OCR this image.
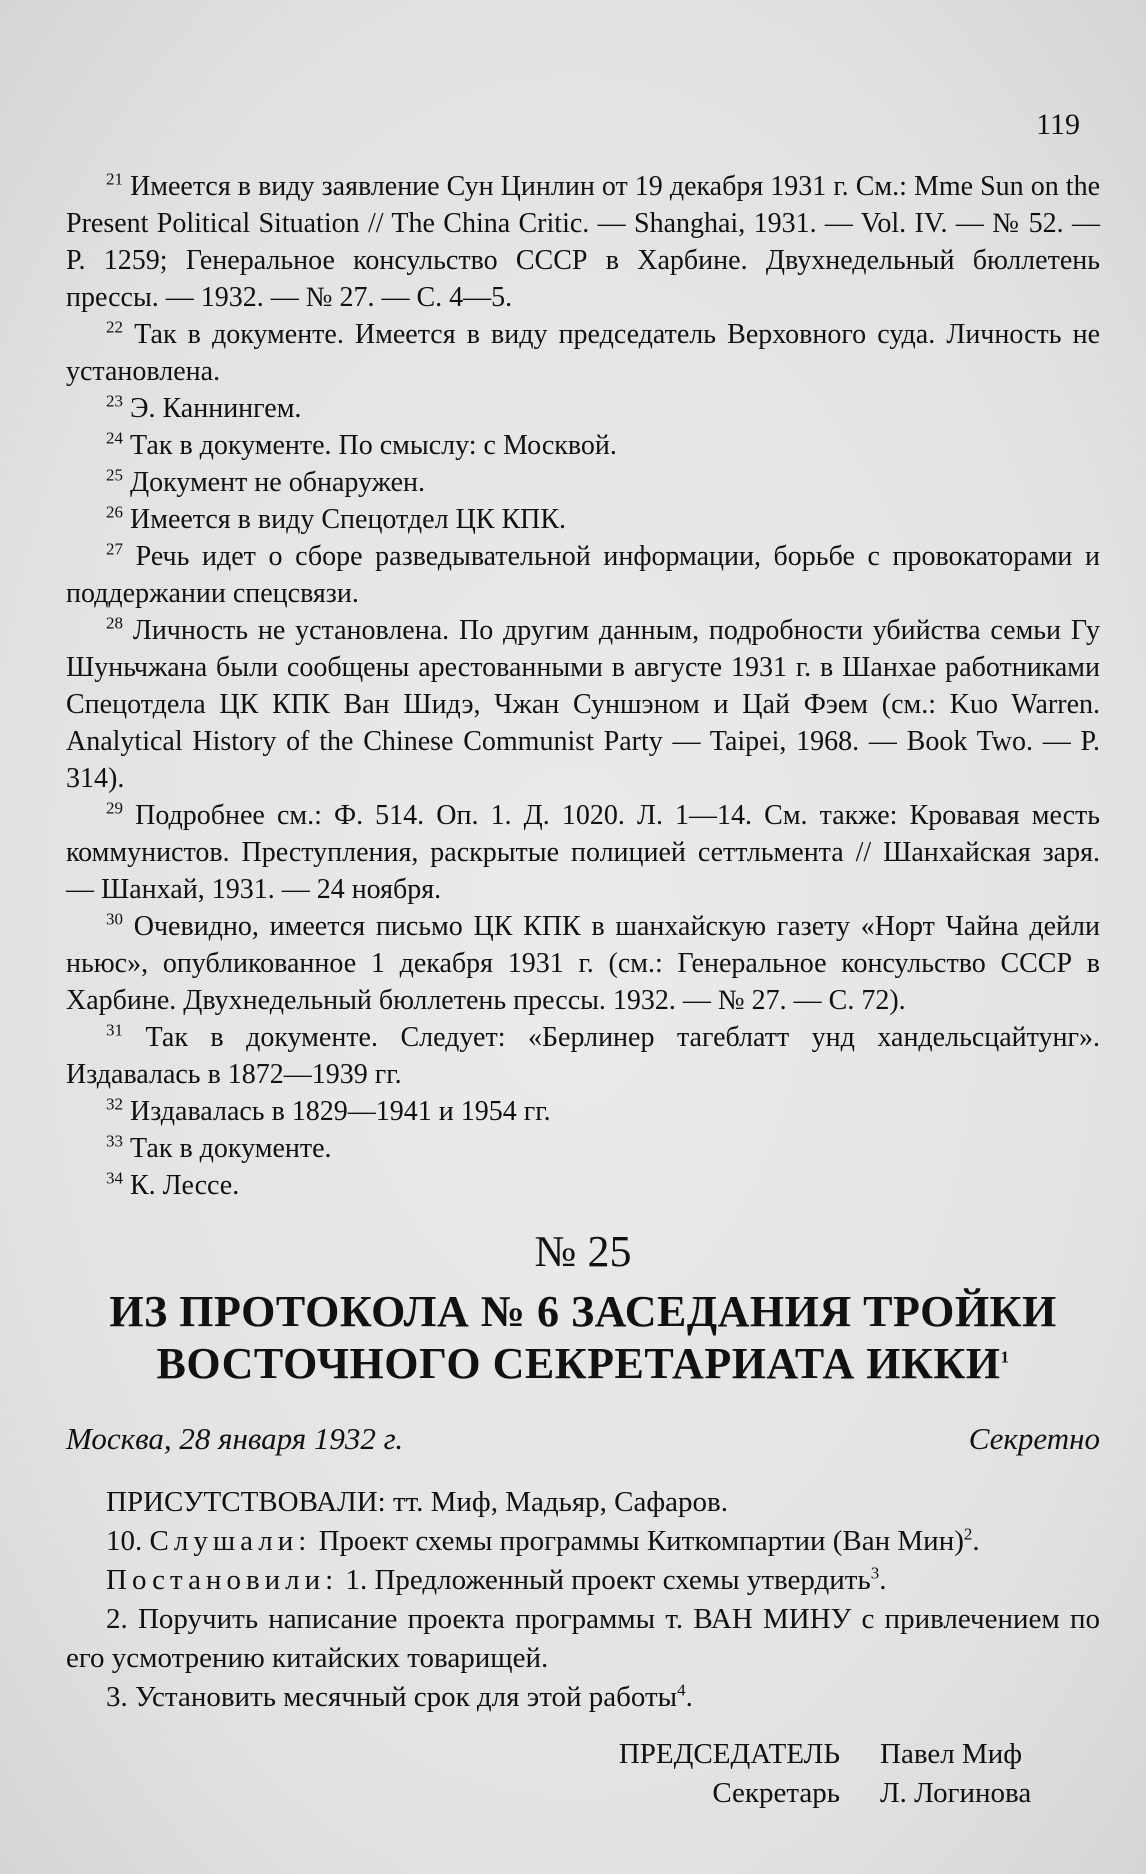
119

$^{21}$ Имеется в виду заявление Сун Цинлин от 19 декабря 1931 г. См.: Mme Sun on the Present Political Situation // The China Critic. — Shanghai, 1931. — Vol. IV. — № 52. — P. 1259; Генеральное консульство СССР в Харбине. Двухнедельный бюллетень прессы. — 1932. — № 27. — С. 4—5.

$^{22}$ Так в документе. Имеется в виду председатель Верховного суда. Личность не установлена.

$^{23}$ Э. Каннингем.

$^{24}$ Так в документе. По смыслу: с Москвой.

$^{25}$ Документ не обнаружен.

$^{26}$ Имеется в виду Спецотдел ЦК КПК.

$^{27}$ Речь идет о сборе разведывательной информации, борьбе с провокаторами и поддержании спецсвязи.

$^{28}$ Личность не установлена. По другим данным, подробности убийства семьи Гу Шуньчжана были сообщены арестованными в августе 1931 г. в Шанхае работниками Спецотдела ЦК КПК Ван Шидэ, Чжан Суншэном и Цай Фэем (см.: Kuo Warren. Analytical History of the Chinese Communist Party — Taipei, 1968. — Book Two. — P. 314).

$^{29}$ Подробнее см.: Ф. 514. Оп. 1. Д. 1020. Л. 1—14. См. также: Кровавая месть коммунистов. Преступления, раскрытые полицией сеттльмента // Шанхайская заря. — Шанхай, 1931. — 24 ноября.

$^{30}$ Очевидно, имеется письмо ЦК КПК в шанхайскую газету «Норт Чайна дейли ньюс», опубликованное 1 декабря 1931 г. (см.: Генеральное консульство СССР в Харбине. Двухнедельный бюллетень прессы. 1932. — № 27. — С. 72).

$^{31}$ Так в документе. Следует: «Берлинер тагеблатт унд хандельсцайтунг». Издавалась в 1872—1939 гг.

$^{32}$ Издавалась в 1829—1941 и 1954 гг.

$^{33}$ Так в документе.

$^{34}$ К. Лессе.

№ 25
ИЗ ПРОТОКОЛА № 6 ЗАСЕДАНИЯ ТРОЙКИ
ВОСТОЧНОГО СЕКРЕТАРИАТА ИККИ$^1$
Москва, 28 января 1932 г.	Секретно

ПРИСУТСТВОВАЛИ: тт. Миф, Мадьяр, Сафаров.

10. Слушали: Проект схемы программы Киткомпартии (Ван Мин)$^2$.

Постановили: 1. Предложенный проект схемы утвердить$^3$.

2. Поручить написание проекта программы т. ВАН МИНУ с привлечением по его усмотрению китайских товарищей.

3. Установить месячный срок для этой работы$^4$.

ПРЕДСЕДАТЕЛЬ Павел Миф
Секретарь Л. Логинова
